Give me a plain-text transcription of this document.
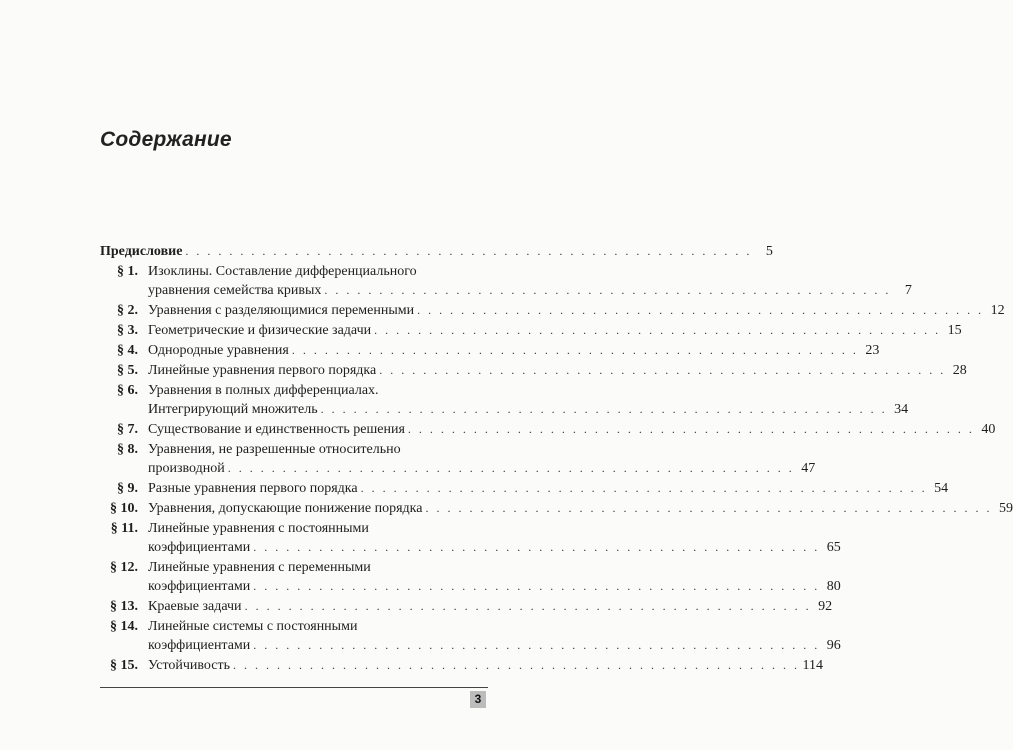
Содержание
Предисловие . . . . . . . . . . . . . . . . . . . . . . . . . . . . . . . . . . . . . . . . . . . . . . . . . . . .	5
§ 1. Изоклины. Составление дифференциального
уравнения семейства кривых . . . . . . . . . . . . . . . . . . . . . . . . . . . . . . . . . . . . . . . . . . . . . . . . . . . .	7
§ 2. Уравнения с разделяющимися переменными . . . . . . . . . . . . . . . . . . . . . . . . . . . . . . . . . . . . . . . . . . . . . . . . . . . . 12
§ 3. Геометрические и физические задачи . . . . . . . . . . . . . . . . . . . . . . . . . . . . . . . . . . . . . . . . . . . . . . . . . . . . 15
§ 4. Однородные уравнения . . . . . . . . . . . . . . . . . . . . . . . . . . . . . . . . . . . . . . . . . . . . . . . . . . . . 23
§ 5. Линейные уравнения первого порядка . . . . . . . . . . . . . . . . . . . . . . . . . . . . . . . . . . . . . . . . . . . . . . . . . . . . 28
§ 6. Уравнения в полных дифференциалах.
Интегрирующий множитель . . . . . . . . . . . . . . . . . . . . . . . . . . . . . . . . . . . . . . . . . . . . . . . . . . . . 34
§ 7. Существование и единственность решения . . . . . . . . . . . . . . . . . . . . . . . . . . . . . . . . . . . . . . . . . . . . . . . . . . . . 40
§ 8. Уравнения, не разрешенные относительно
производной . . . . . . . . . . . . . . . . . . . . . . . . . . . . . . . . . . . . . . . . . . . . . . . . . . . . 47
§ 9. Разные уравнения первого порядка . . . . . . . . . . . . . . . . . . . . . . . . . . . . . . . . . . . . . . . . . . . . . . . . . . . . 54
§ 10. Уравнения, допускающие понижение порядка . . . . . . . . . . . . . . . . . . . . . . . . . . . . . . . . . . . . . . . . . . . . . . . . . . . . 59
§ 11. Линейные уравнения с постоянными
коэффициентами . . . . . . . . . . . . . . . . . . . . . . . . . . . . . . . . . . . . . . . . . . . . . . . . . . . . 65
§ 12. Линейные уравнения с переменными
коэффициентами . . . . . . . . . . . . . . . . . . . . . . . . . . . . . . . . . . . . . . . . . . . . . . . . . . . . 80
§ 13. Краевые задачи . . . . . . . . . . . . . . . . . . . . . . . . . . . . . . . . . . . . . . . . . . . . . . . . . . . . 92
§ 14. Линейные системы с постоянными
коэффициентами . . . . . . . . . . . . . . . . . . . . . . . . . . . . . . . . . . . . . . . . . . . . . . . . . . . . 96
§ 15. Устойчивость . . . . . . . . . . . . . . . . . . . . . . . . . . . . . . . . . . . . . . . . . . . . . . . . . . . . 114
3
